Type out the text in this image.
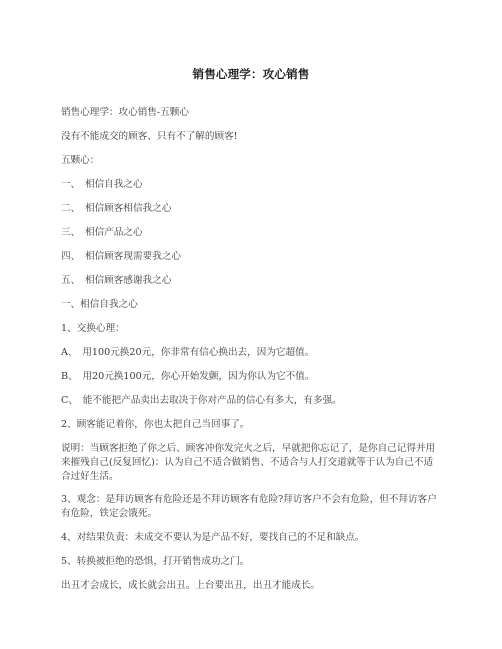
销售心理学：攻心销售

销售心理学：攻心销售-五颗心

没有不能成交的顾客、只有不了解的顾客!

五颗心：

一、　相信自我之心

二、　相信顾客相信我之心

三、　相信产品之心

四、　相信顾客现需要我之心

五、　相信顾客感谢我之心

一、相信自我之心

1、交换心理：

A、　用100元换20元，你非常有信心换出去，因为它超值。

B、　用20元换100元，你心开始发颤，因为你认为它不值。

C、　能不能把产品卖出去取决于你对产品的信心有多大，有多强。

2、顾客能记着你，你也太把自己当回事了。

说明：当顾客拒绝了你之后、顾客冲你发完火之后，早就把你忘记了，是你自己记得并用来摧残自己(反复回忆)：认为自己不适合做销售、不适合与人打交道就等于认为自己不适合过好生活。

3、观念：是拜访顾客有危险还是不拜访顾客有危险?拜访客户不会有危险，但不拜访客户有危险，铁定会饿死。

4、对结果负责：未成交不要认为是产品不好，要找自己的不足和缺点。

5、转换被拒绝的恐惧，打开销售成功之门。

出丑才会成长，成长就会出丑。上台要出丑，出丑才能成长。
